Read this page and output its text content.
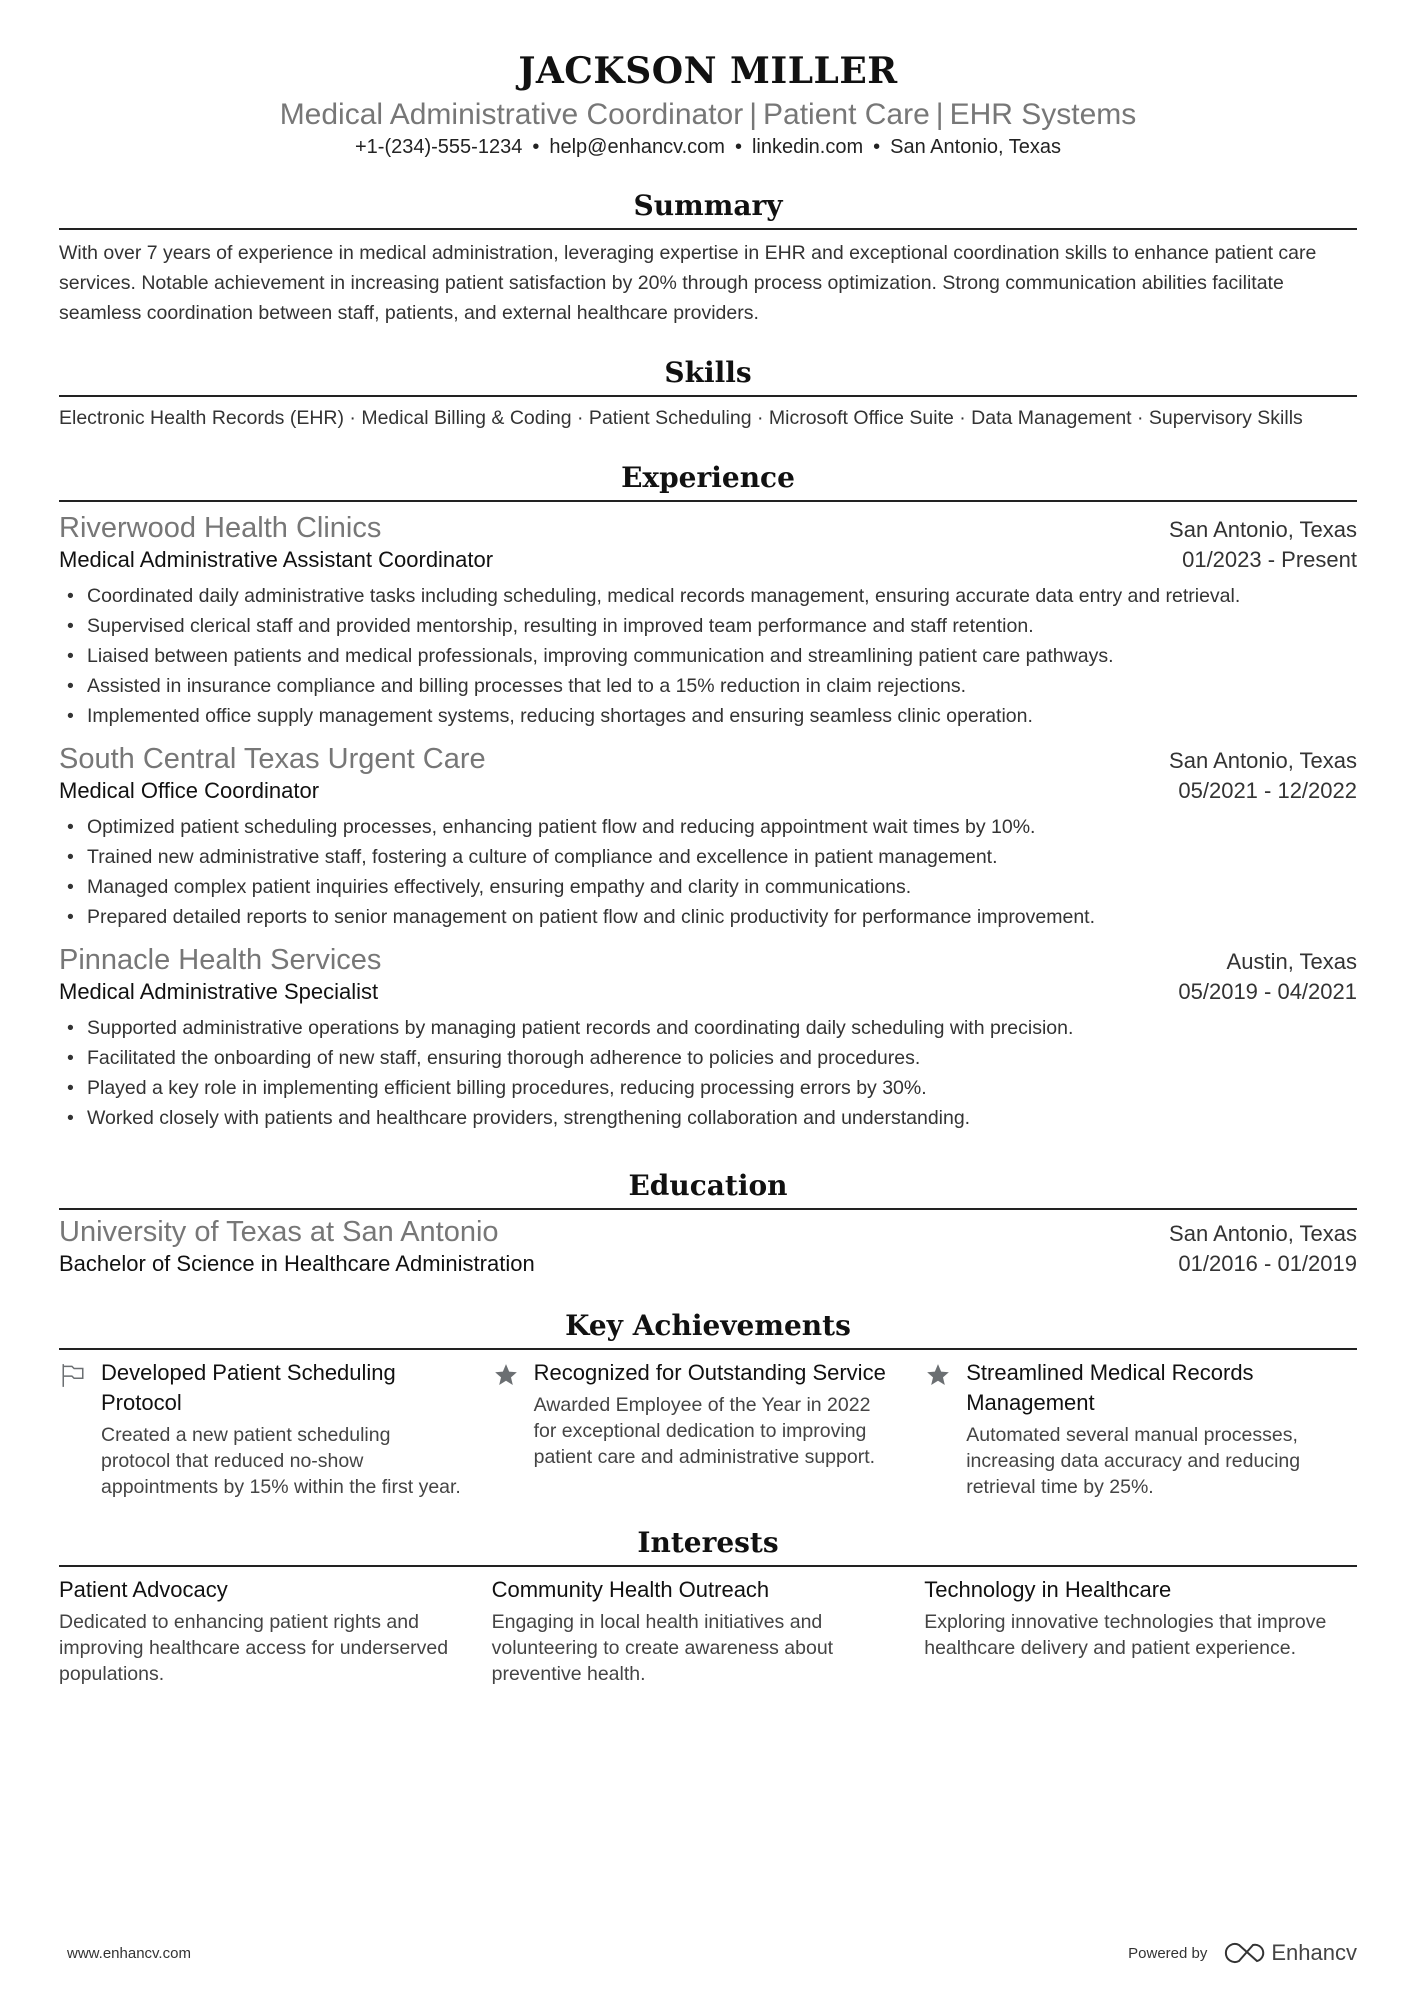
JACKSON MILLER
Medical Administrative Coordinator | Patient Care | EHR Systems
+1-(234)-555-1234 • help@enhancv.com • linkedin.com • San Antonio, Texas
Summary
With over 7 years of experience in medical administration, leveraging expertise in EHR and exceptional coordination skills to enhance patient care services. Notable achievement in increasing patient satisfaction by 20% through process optimization. Strong communication abilities facilitate seamless coordination between staff, patients, and external healthcare providers.
Skills
Electronic Health Records (EHR) · Medical Billing & Coding · Patient Scheduling · Microsoft Office Suite · Data Management · Supervisory Skills
Experience
Riverwood Health Clinics	San Antonio, Texas
Medical Administrative Assistant Coordinator	01/2023 - Present
• Coordinated daily administrative tasks including scheduling, medical records management, ensuring accurate data entry and retrieval.
• Supervised clerical staff and provided mentorship, resulting in improved team performance and staff retention.
• Liaised between patients and medical professionals, improving communication and streamlining patient care pathways.
• Assisted in insurance compliance and billing processes that led to a 15% reduction in claim rejections.
• Implemented office supply management systems, reducing shortages and ensuring seamless clinic operation.
South Central Texas Urgent Care	San Antonio, Texas
Medical Office Coordinator	05/2021 - 12/2022
• Optimized patient scheduling processes, enhancing patient flow and reducing appointment wait times by 10%.
• Trained new administrative staff, fostering a culture of compliance and excellence in patient management.
• Managed complex patient inquiries effectively, ensuring empathy and clarity in communications.
• Prepared detailed reports to senior management on patient flow and clinic productivity for performance improvement.
Pinnacle Health Services	Austin, Texas
Medical Administrative Specialist	05/2019 - 04/2021
• Supported administrative operations by managing patient records and coordinating daily scheduling with precision.
• Facilitated the onboarding of new staff, ensuring thorough adherence to policies and procedures.
• Played a key role in implementing efficient billing procedures, reducing processing errors by 30%.
• Worked closely with patients and healthcare providers, strengthening collaboration and understanding.
Education
University of Texas at San Antonio	San Antonio, Texas
Bachelor of Science in Healthcare Administration	01/2016 - 01/2019
Key Achievements
Developed Patient Scheduling Protocol
Created a new patient scheduling protocol that reduced no-show appointments by 15% within the first year.
Recognized for Outstanding Service
Awarded Employee of the Year in 2022 for exceptional dedication to improving patient care and administrative support.
Streamlined Medical Records Management
Automated several manual processes, increasing data accuracy and reducing retrieval time by 25%.
Interests
Patient Advocacy
Dedicated to enhancing patient rights and improving healthcare access for underserved populations.
Community Health Outreach
Engaging in local health initiatives and volunteering to create awareness about preventive health.
Technology in Healthcare
Exploring innovative technologies that improve healthcare delivery and patient experience.
www.enhancv.com	Powered by	Enhancv
